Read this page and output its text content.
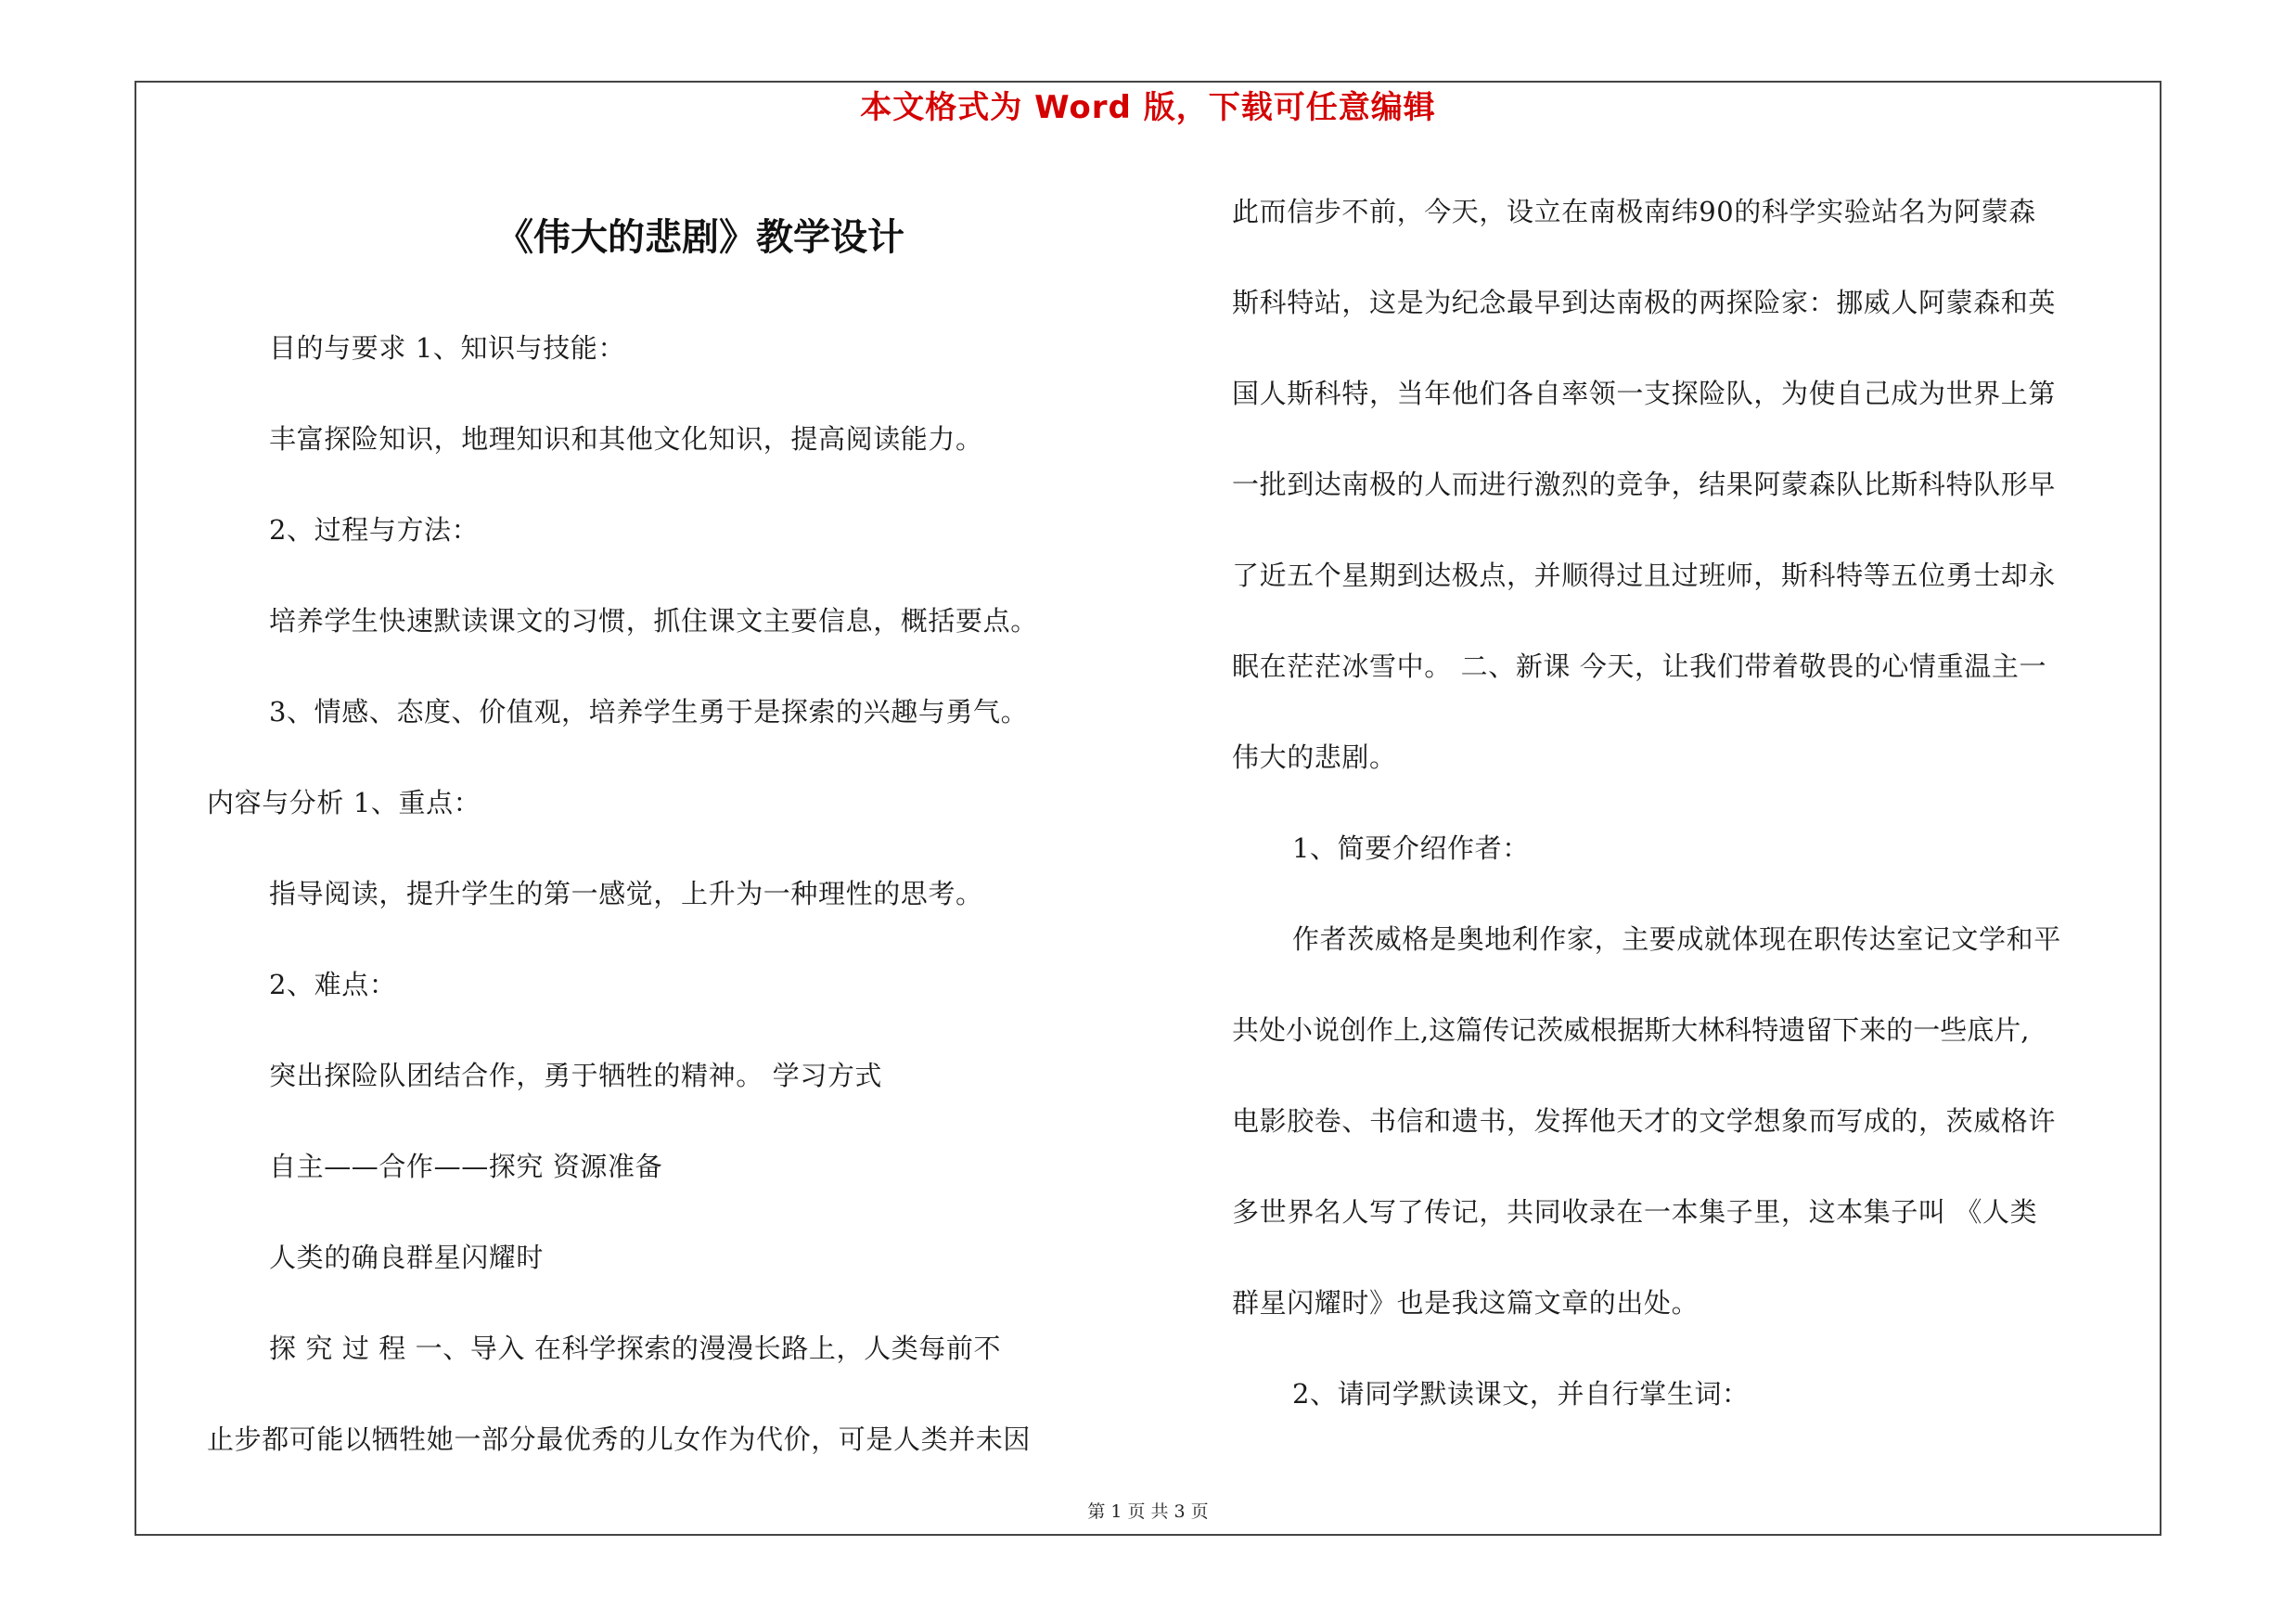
本文格式为 Word 版，下载可任意编辑
《伟大的悲剧》教学设计

目的与要求 1、知识与技能：

丰富探险知识，地理知识和其他文化知识，提高阅读能力。

2、过程与方法：

培养学生快速默读课文的习惯，抓住课文主要信息，概括要点。

3、情感、态度、价值观，培养学生勇于是探索的兴趣与勇气。

内容与分析 1、重点：

指导阅读，提升学生的第一感觉，上升为一种理性的思考。

2、难点：

突出探险队团结合作，勇于牺牲的精神。 学习方式

自主——合作——探究 资源准备

人类的确良群星闪耀时

探 究 过 程 一、导入 在科学探索的漫漫长路上，人类每前不

止步都可能以牺牲她一部分最优秀的儿女作为代价，可是人类并未因

此而信步不前，今天，设立在南极南纬90的科学实验站名为阿蒙森

斯科特站，这是为纪念最早到达南极的两探险家：挪威人阿蒙森和英

国人斯科特，当年他们各自率领一支探险队，为使自己成为世界上第

一批到达南极的人而进行激烈的竞争，结果阿蒙森队比斯科特队形早

了近五个星期到达极点，并顺得过且过班师，斯科特等五位勇士却永

眠在茫茫冰雪中。 二、新课 今天，让我们带着敬畏的心情重温主一

伟大的悲剧。

1、简要介绍作者：

作者茨威格是奥地利作家，主要成就体现在职传达室记文学和平

共处小说创作上,这篇传记茨威根据斯大林科特遗留下来的一些底片,

电影胶卷、书信和遗书，发挥他天才的文学想象而写成的，茨威格许

多世界名人写了传记，共同收录在一本集子里，这本集子叫 《人类

群星闪耀时》也是我这篇文章的出处。

2、请同学默读课文，并自行掌生词：

第 1 页 共 3 页
